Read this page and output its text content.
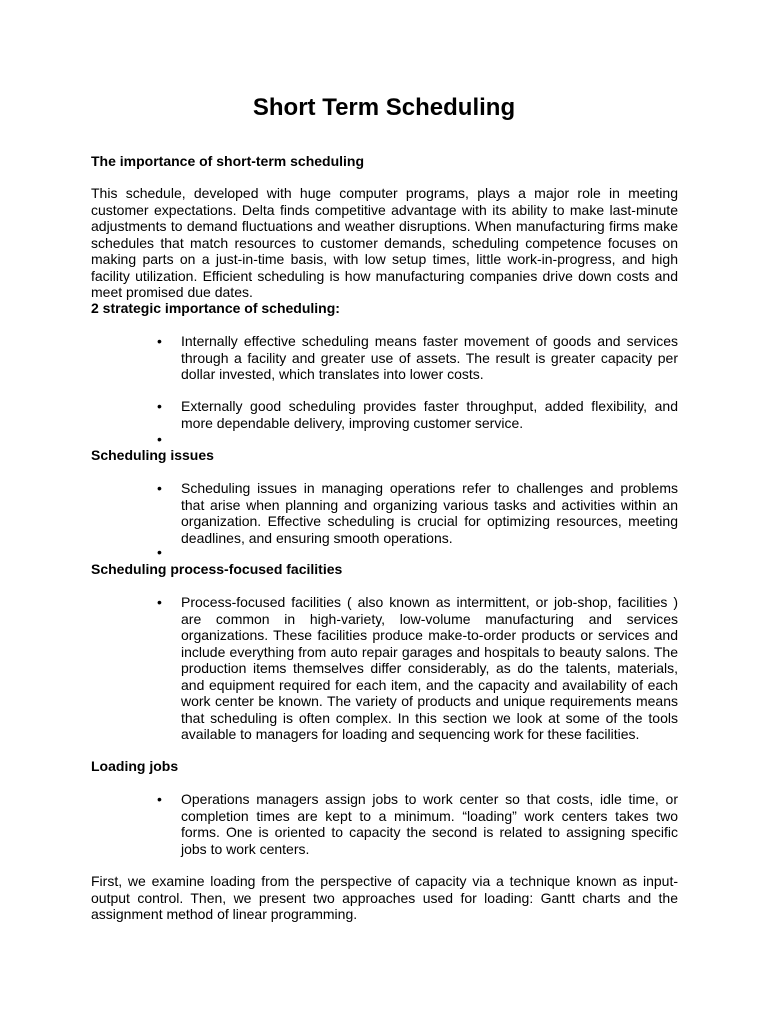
Short Term Scheduling
The importance of short-term scheduling

This schedule, developed with huge computer programs, plays a major role in meeting customer expectations. Delta finds competitive advantage with its ability to make last-minute adjustments to demand fluctuations and weather disruptions. When manufacturing firms make schedules that match resources to customer demands, scheduling competence focuses on making parts on a just-in-time basis, with low setup times, little work-in-progress, and high facility utilization. Efficient scheduling is how manufacturing companies drive down costs and meet promised due dates.

2 strategic importance of scheduling:
•	Internally effective scheduling means faster movement of goods and services through a facility and greater use of assets. The result is greater capacity per dollar invested, which translates into lower costs.

•	Externally good scheduling provides faster throughput, added flexibility, and more dependable delivery, improving customer service.

•
Scheduling issues
•	Scheduling issues in managing operations refer to challenges and problems that arise when planning and organizing various tasks and activities within an organization. Effective scheduling is crucial for optimizing resources, meeting deadlines, and ensuring smooth operations.

•
Scheduling process-focused facilities
•	Process-focused facilities ( also known as intermittent, or job-shop, facilities ) are common in high-variety, low-volume manufacturing and services organizations. These facilities produce make-to-order products or services and include everything from auto repair garages and hospitals to beauty salons. The production items themselves differ considerably, as do the talents, materials, and equipment required for each item, and the capacity and availability of each work center be known. The variety of products and unique requirements means that scheduling is often complex. In this section we look at some of the tools available to managers for loading and sequencing work for these facilities.

Loading jobs
•	Operations managers assign jobs to work center so that costs, idle time, or completion times are kept to a minimum. “loading” work centers takes two forms. One is oriented to capacity the second is related to assigning specific jobs to work centers.

First, we examine loading from the perspective of capacity via a technique known as input-output control. Then, we present two approaches used for loading: Gantt charts and the assignment method of linear programming.
